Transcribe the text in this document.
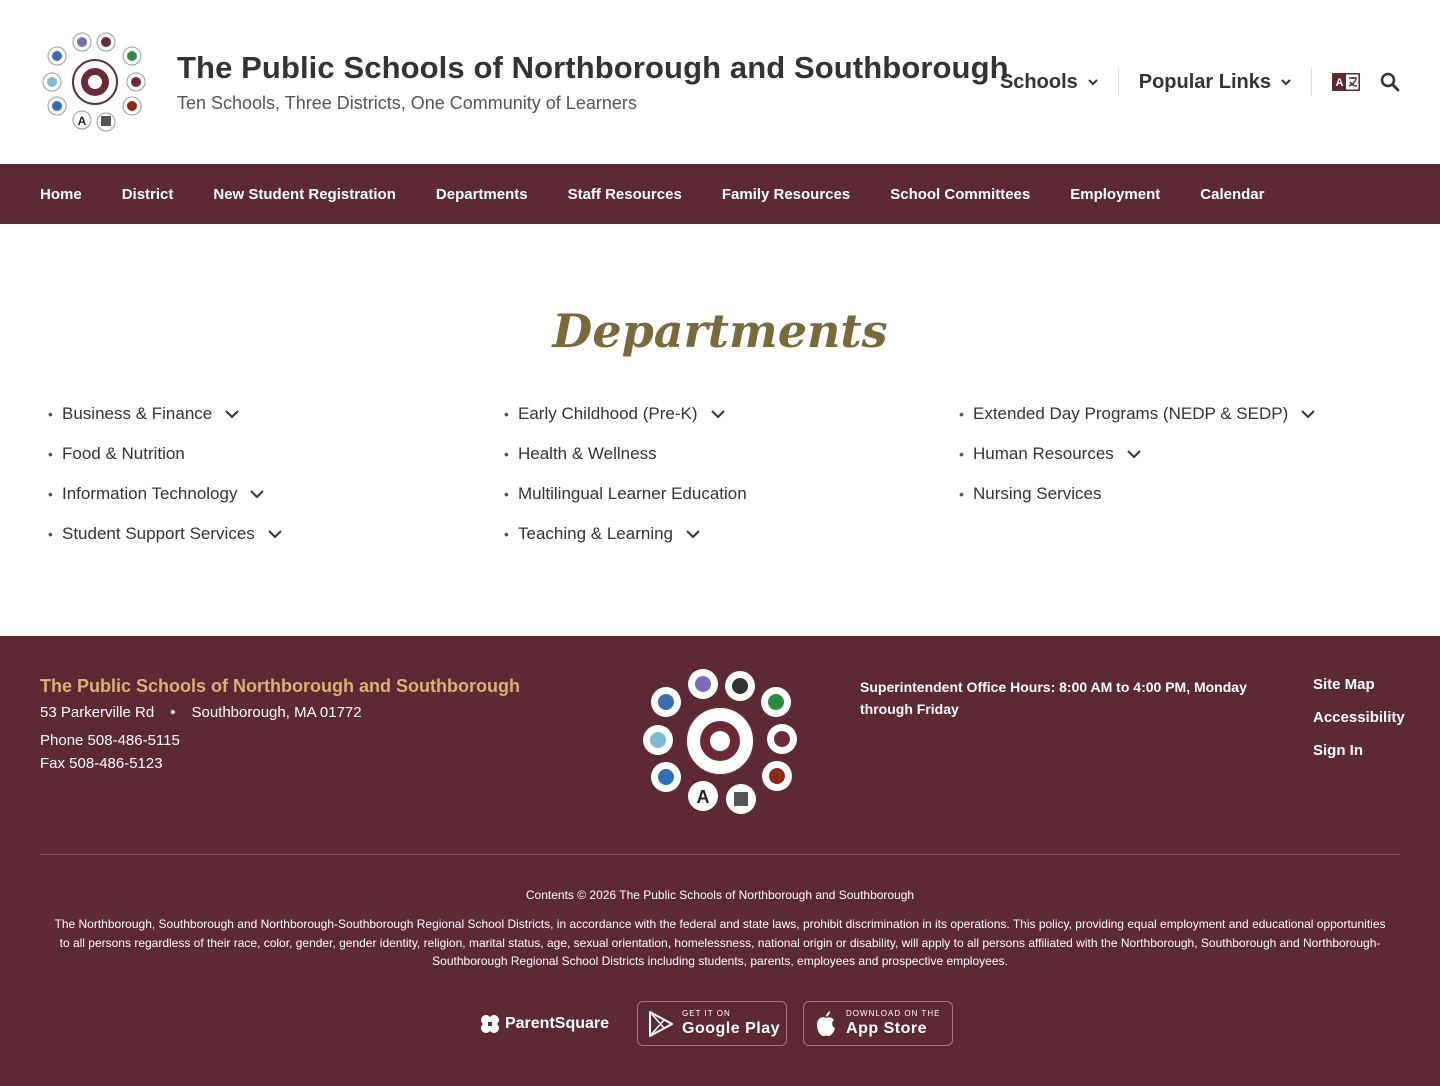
A
The Public Schools of Northborough and Southborough
Ten Schools, Three Districts, One Community of Learners
Schools	Popular Links	A
Home	District	New Student Registration	Departments	Staff Resources	Family Resources	School Committees	Employment	Calendar
Departments
• Business & Finance
• Food & Nutrition
• Information Technology
• Student Support Services
• Early Childhood (Pre-K)
• Health & Wellness
• Multilingual Learner Education
• Teaching & Learning
• Extended Day Programs (NEDP & SEDP)
• Human Resources
• Nursing Services
The Public Schools of Northborough and Southborough
53 Parkerville Rd • Southborough, MA 01772
Phone 508-486-5115
Fax 508-486-5123
A
Superintendent Office Hours: 8:00 AM to 4:00 PM, Monday through Friday
Site Map
Accessibility
Sign In
Contents © 2026 The Public Schools of Northborough and Southborough
The Northborough, Southborough and Northborough-Southborough Regional School Districts, in accordance with the federal and state laws, prohibit discrimination in its operations. This policy, providing equal employment and educational opportunities to all persons regardless of their race, color, gender, gender identity, religion, marital status, age, sexual orientation, homelessness, national origin or disability, will apply to all persons affiliated with the Northborough, Southborough and Northborough-Southborough Regional School Districts including students, parents, employees and prospective employees.
ParentSquare
GET IT ON
Google Play
DOWNLOAD ON THE
App Store
